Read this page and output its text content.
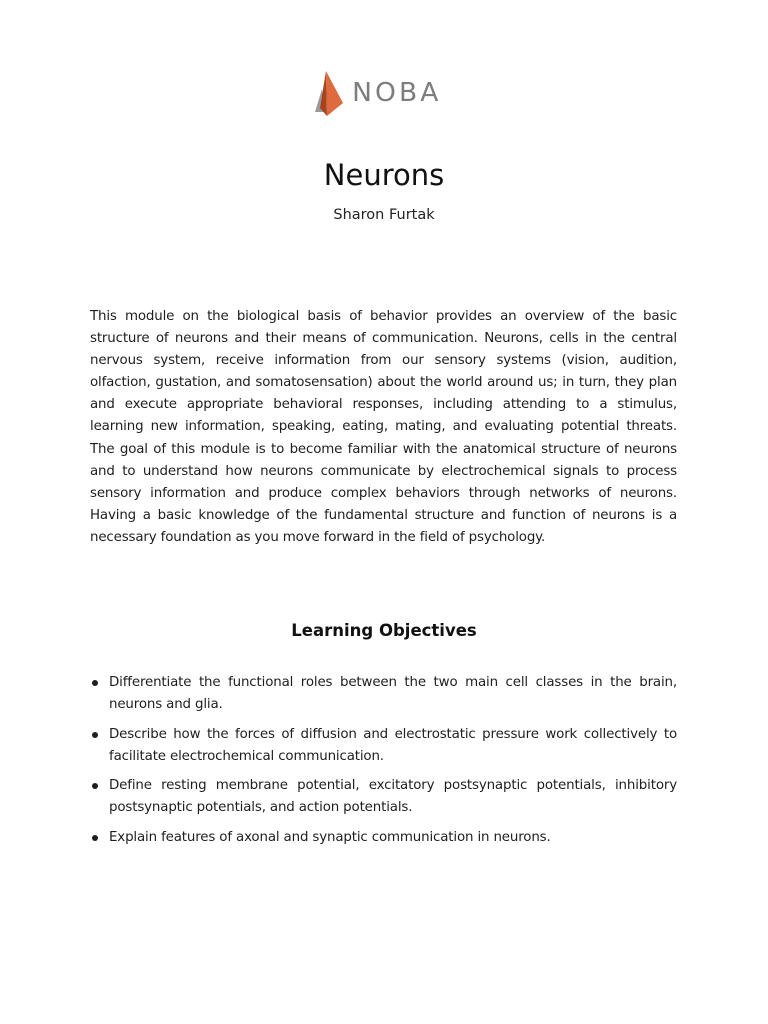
NOBA
Neurons
Sharon Furtak

This module on the biological basis of behavior provides an overview of the basic structure of neurons and their means of communication. Neurons, cells in the central nervous system, receive information from our sensory systems (vision, audition, olfaction, gustation, and somatosensation) about the world around us; in turn, they plan and execute appropriate behavioral responses, including attending to a stimulus, learning new information, speaking, eating, mating, and evaluating potential threats. The goal of this module is to become familiar with the anatomical structure of neurons and to understand how neurons communicate by electrochemical signals to process sensory information and produce complex behaviors through networks of neurons. Having a basic knowledge of the fundamental structure and function of neurons is a necessary foundation as you move forward in the field of psychology.

Learning Objectives
Differentiate the functional roles between the two main cell classes in the brain, neurons and glia.
Describe how the forces of diffusion and electrostatic pressure work collectively to facilitate electrochemical communication.
Define resting membrane potential, excitatory postsynaptic potentials, inhibitory postsynaptic potentials, and action potentials.
Explain features of axonal and synaptic communication in neurons.
